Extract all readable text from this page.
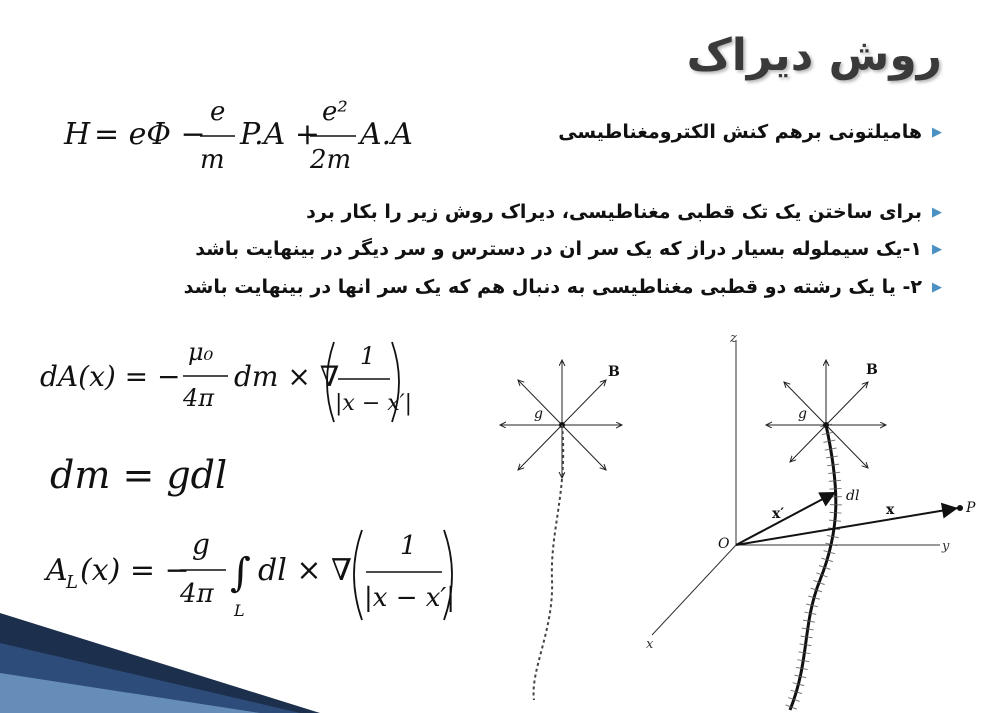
روش دیراک
▶
هامیلتونی برهم کنش الکترومغناطیسی
▶
برای ساختن یک تک قطبی مغناطیسی، دیراک روش زیر را بکار برد
▶
۱-یک سیملوله بسیار دراز که یک سر ان در دسترس و سر دیگر در بینهایت باشد
▶
۲- یا یک رشته دو قطبی مغناطیسی به دنبال هم که یک سر انها در بینهایت باشد
H = eΦ −
e
m
P.A +
e²
2m
A.A
dA(x) = −
μ₀
4π
dm × ∇
1
|x − x′|
dm = gdl
A
L (x) = −
g
4π ∫
L
dl × ∇
1
|x − x′|
B
g
z
y
x
O
B
g
P
dl
x′	x
